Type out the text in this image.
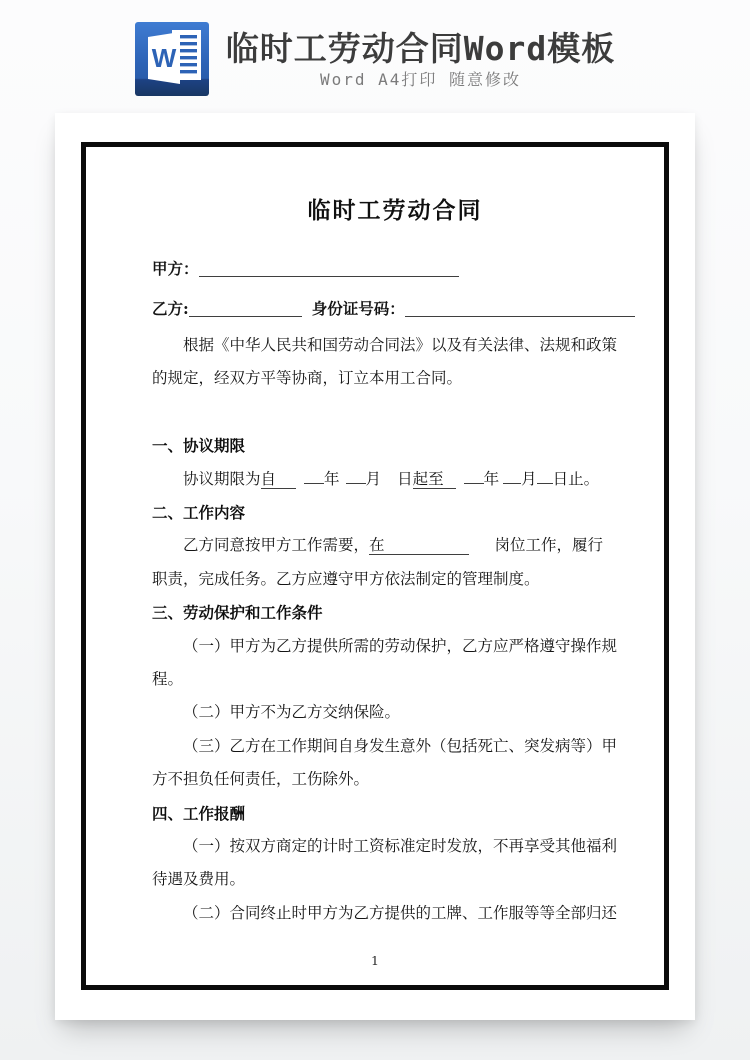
W 临时工劳动合同Word模板

Word A4打印 随意修改

临时工劳动合同

甲方：

乙方:	身份证号码：

根据《中华人民共和国劳动合同法》以及有关法律、法规和政策

的规定，经双方平等协商，订立本用工合同。

一、协议期限

协议期限为自	年 月 日起至	年 月 日止。

二、工作内容

乙方同意按甲方工作需要，在	岗位工作，履行

职责，完成任务。乙方应遵守甲方依法制定的管理制度。

三、劳动保护和工作条件

（一）甲方为乙方提供所需的劳动保护，乙方应严格遵守操作规

程。

（二）甲方不为乙方交纳保险。

（三）乙方在工作期间自身发生意外（包括死亡、突发病等）甲

方不担负任何责任，工伤除外。

四、工作报酬

（一）按双方商定的计时工资标准定时发放，不再享受其他福利

待遇及费用。

（二）合同终止时甲方为乙方提供的工牌、工作服等等全部归还

1
